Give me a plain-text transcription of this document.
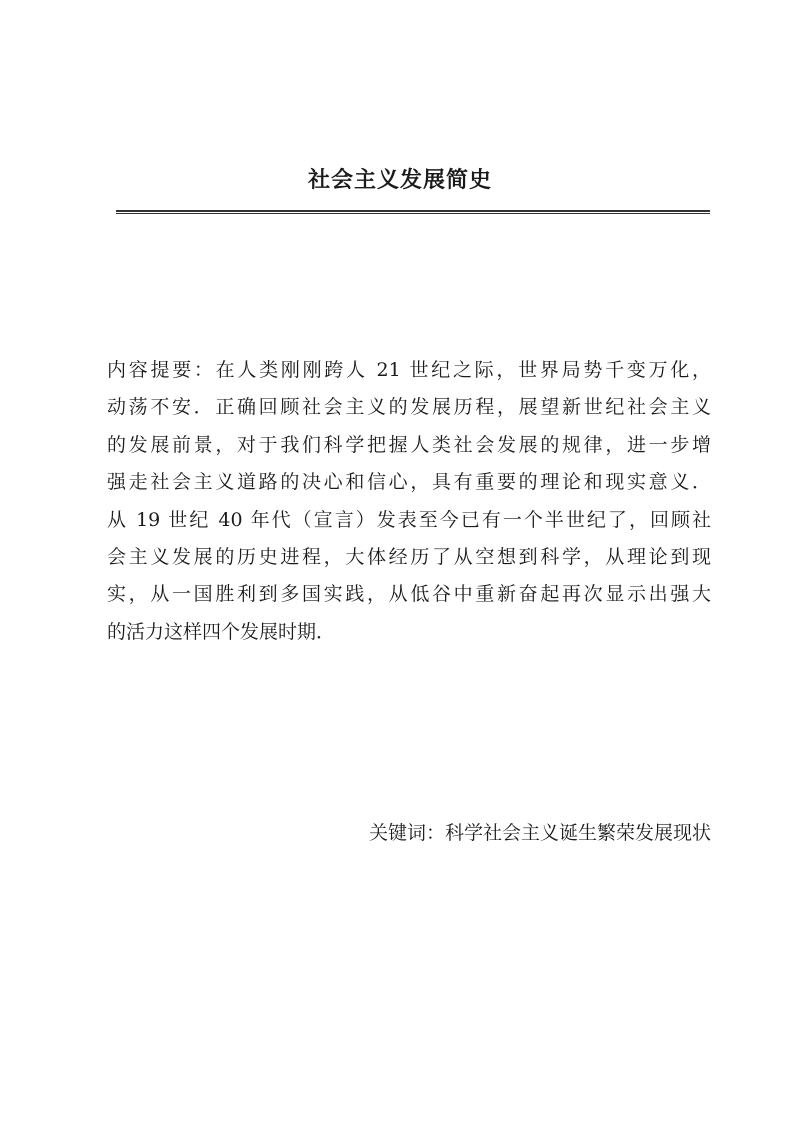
社会主义发展简史
内容提要：在人类刚刚跨人 21 世纪之际，世界局势千变万化，
动荡不安．正确回顾社会主义的发展历程，展望新世纪社会主义
的发展前景，对于我们科学把握人类社会发展的规律，进一步增
强走社会主义道路的决心和信心，具有重要的理论和现实意义．
从 19 世纪 40 年代（宣言）发表至今已有一个半世纪了，回顾社
会主义发展的历史进程，大体经历了从空想到科学，从理论到现
实，从一国胜利到多国实践，从低谷中重新奋起再次显示出强大
的活力这样四个发展时期．
关键词：科学社会主义诞生繁荣发展现状
